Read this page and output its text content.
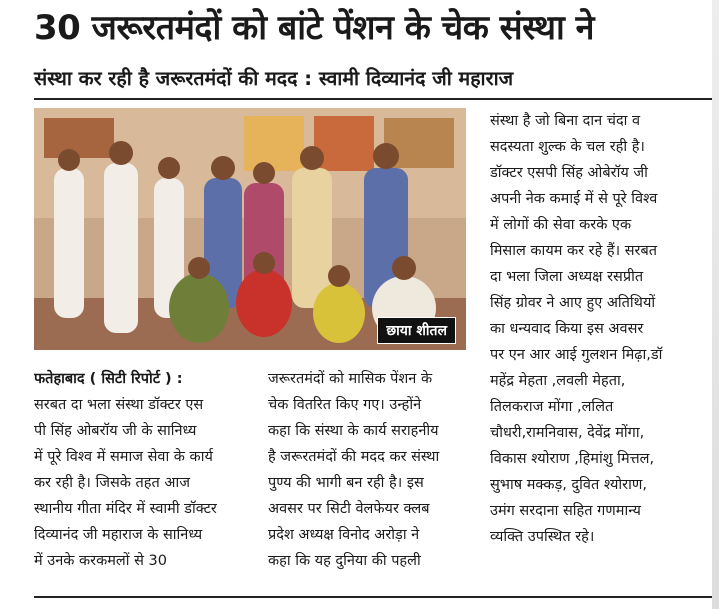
30 जरूरतमंदों को बांटे पेंशन के चेक संस्था ने
संस्था कर रही है जरूरतमंदों की मदद : स्वामी दिव्यानंद जी महाराज
छाया शीतल
संस्था है जो बिना दान चंदा व
सदस्यता शुल्क के चल रही है।
डॉक्टर एसपी सिंह ओबेरॉय जी
अपनी नेक कमाई में से पूरे विश्व
में लोगों की सेवा करके एक
मिसाल कायम कर रहे हैं। सरबत
दा भला जिला अध्यक्ष रसप्रीत
सिंह ग्रोवर ने आए हुए अतिथियों
का धन्यवाद किया इस अवसर
पर एन आर आई गुलशन मिढ़ा,डॉ
महेंद्र मेहता ,लवली मेहता,
तिलकराज मोंगा ,ललित
चौधरी,रामनिवास, देवेंद्र मोंगा,
विकास श्योराण ,हिमांशु मित्तल,
सुभाष मक्कड़, दुवित श्योराण,
उमंग सरदाना सहित गणमान्य
व्यक्ति उपस्थित रहे।
फतेहाबाद ( सिटी रिपोर्ट ) :
सरबत दा भला संस्था डॉक्टर एस
पी सिंह ओबरॉय जी के सानिध्य
में पूरे विश्व में समाज सेवा के कार्य
कर रही है। जिसके तहत आज
स्थानीय गीता मंदिर में स्वामी डॉक्टर
दिव्यानंद जी महाराज के सानिध्य
में उनके करकमलों से 30
जरूरतमंदों को मासिक पेंशन के
चेक वितरित किए गए। उन्होंने
कहा कि संस्था के कार्य सराहनीय
है जरूरतमंदों की मदद कर संस्था
पुण्य की भागी बन रही है। इस
अवसर पर सिटी वेलफेयर क्लब
प्रदेश अध्यक्ष विनोद अरोड़ा ने
कहा कि यह दुनिया की पहली
